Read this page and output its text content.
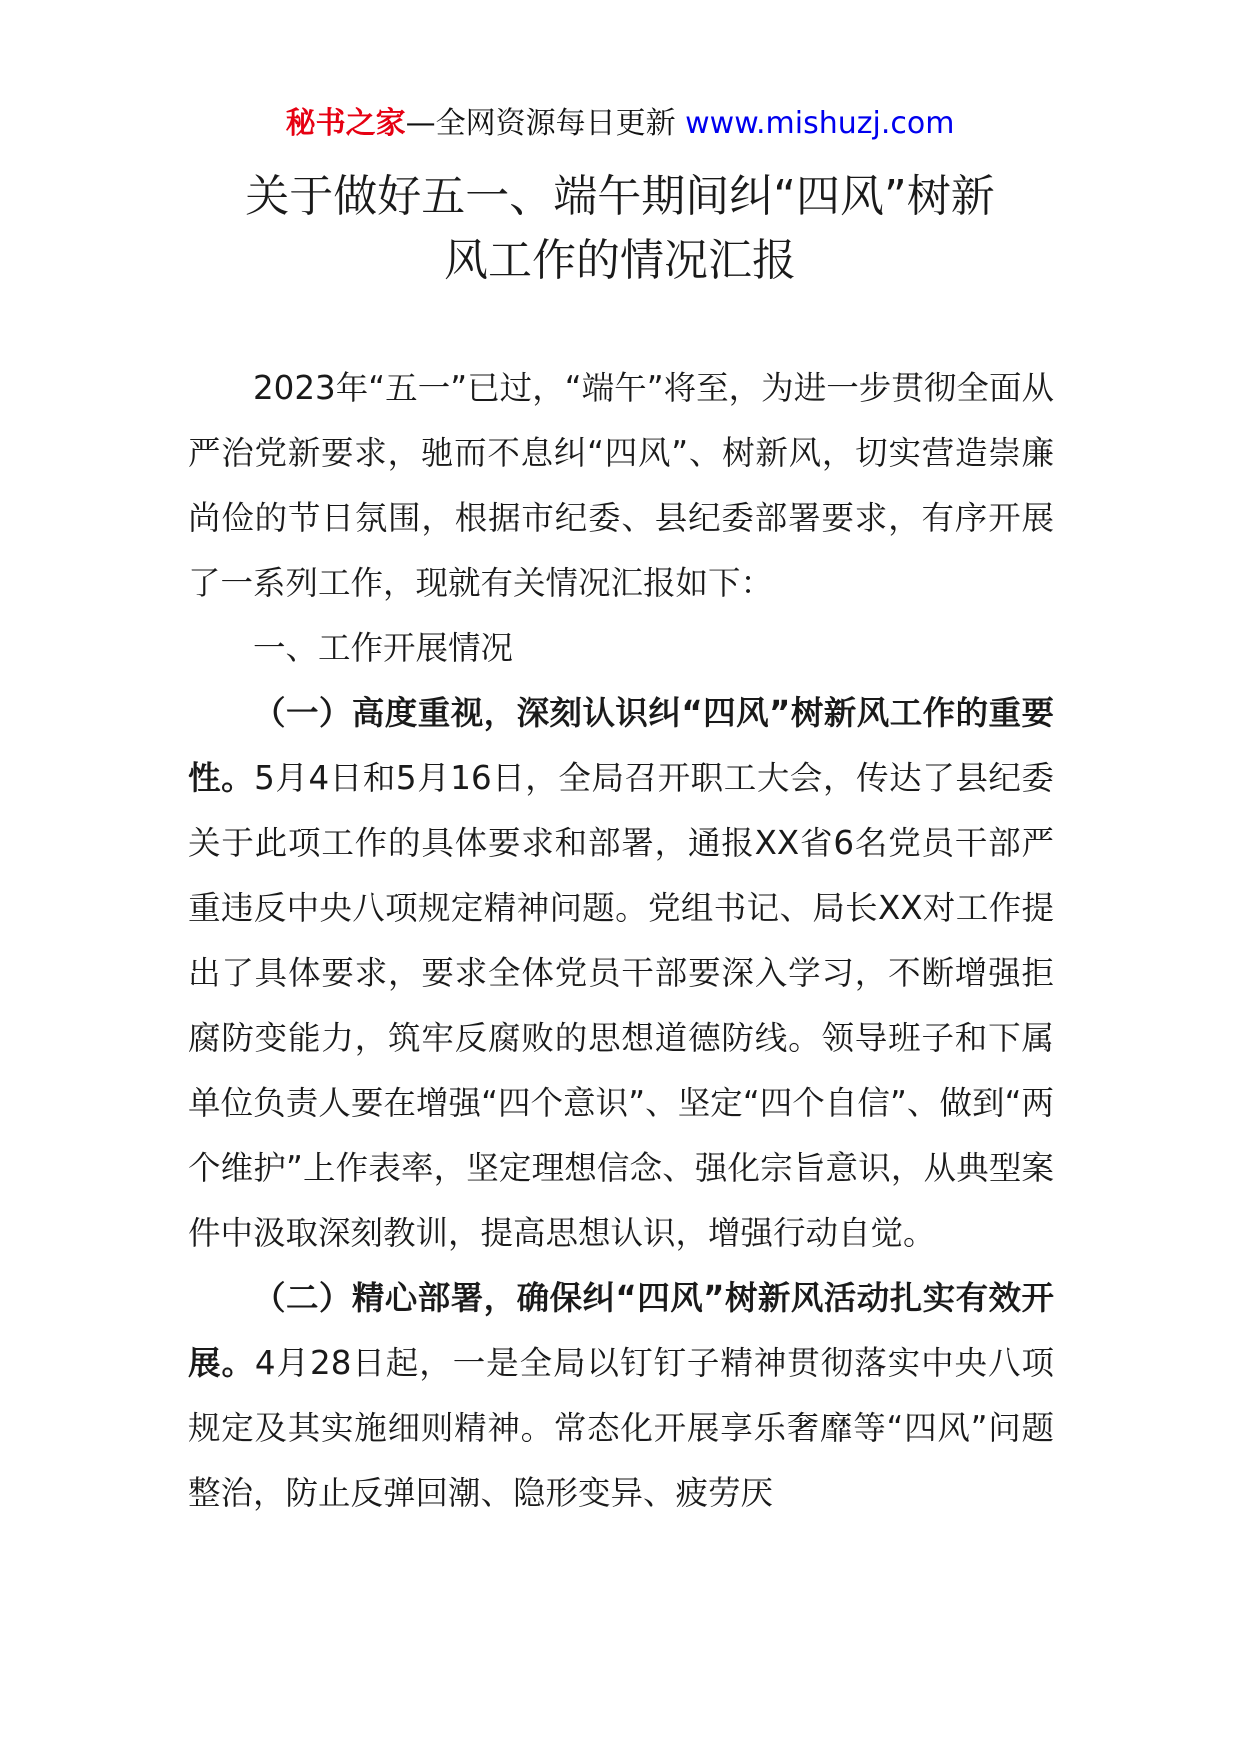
秘书之家—全网资源每日更新 www.mishuzj.com
关于做好五一、端午期间纠“四风”树新
风工作的情况汇报

2023年“五一”已过，“端午”将至，为进一步贯彻全面从严治党新要求，驰而不息纠“四风”、树新风，切实营造崇廉尚俭的节日氛围，根据市纪委、县纪委部署要求，有序开展了一系列工作，现就有关情况汇报如下：

一、工作开展情况

（一）高度重视，深刻认识纠“四风”树新风工作的重要性。5月4日和5月16日，全局召开职工大会，传达了县纪委关于此项工作的具体要求和部署，通报XX省6名党员干部严重违反中央八项规定精神问题。党组书记、局长XX对工作提出了具体要求，要求全体党员干部要深入学习，不断增强拒腐防变能力，筑牢反腐败的思想道德防线。领导班子和下属单位负责人要在增强“四个意识”、坚定“四个自信”、做到“两个维护”上作表率，坚定理想信念、强化宗旨意识，从典型案件中汲取深刻教训，提高思想认识，增强行动自觉。

（二）精心部署，确保纠“四风”树新风活动扎实有效开展。4月28日起，一是全局以钉钉子精神贯彻落实中央八项规定及其实施细则精神。常态化开展享乐奢靡等“四风”问题整治，防止反弹回潮、隐形变异、疲劳厌
